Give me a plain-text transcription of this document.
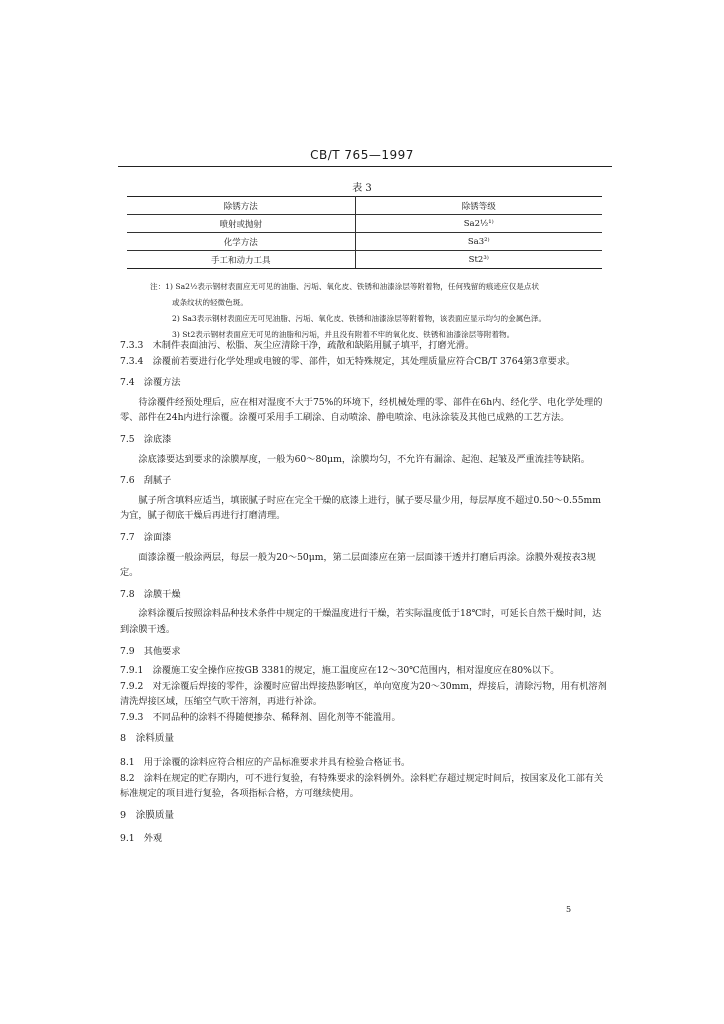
CB/T 765—1997
表 3
除锈方法	除锈等级
喷射或抛射	Sa2½¹⁾
化学方法	Sa3²⁾
手工和动力工具	St2³⁾

注：1) Sa2½表示钢材表面应无可见的油脂、污垢、氧化皮、铁锈和油漆涂层等附着物，任何残留的痕迹应仅是点状

或条纹状的轻微色斑。

2) Sa3表示钢材表面应无可见油脂、污垢、氧化皮、铁锈和油漆涂层等附着物，该表面应显示均匀的金属色泽。

3) St2表示钢材表面应无可见的油脂和污垢，并且没有附着不牢的氧化皮、铁锈和油漆涂层等附着物。

7.3.3　木制件表面油污、松脂、灰尘应清除干净，疏散和缺陷用腻子填平，打磨光滑。

7.3.4　涂覆前若要进行化学处理或电镀的零、部件，如无特殊规定，其处理质量应符合CB/T 3764第3章要求。

7.4　涂覆方法

待涂覆件经预处理后，应在相对湿度不大于75%的环境下，经机械处理的零、部件在6h内、经化学、电化学处理的零、部件在24h内进行涂覆。涂覆可采用手工刷涂、自动喷涂、静电喷涂、电泳涂装及其他已成熟的工艺方法。

7.5　涂底漆

涂底漆要达到要求的涂膜厚度，一般为60～80μm，涂膜均匀，不允许有漏涂、起泡、起皱及严重流挂等缺陷。

7.6　刮腻子

腻子所含填料应适当，填嵌腻子时应在完全干燥的底漆上进行，腻子要尽量少用，每层厚度不超过0.50～0.55mm为宜，腻子彻底干燥后再进行打磨清理。

7.7　涂面漆

面漆涂覆一般涂两层，每层一般为20～50μm，第二层面漆应在第一层面漆干透并打磨后再涂。涂膜外观按表3规定。

7.8　涂膜干燥

涂料涂覆后按照涂料品种技术条件中规定的干燥温度进行干燥，若实际温度低于18℃时，可延长自然干燥时间，达到涂膜干透。

7.9　其他要求

7.9.1　涂覆施工安全操作应按GB 3381的规定，施工温度应在12～30℃范围内，相对湿度应在80%以下。

7.9.2　对无涂覆后焊接的零件，涂覆时应留出焊接热影响区，单向宽度为20～30mm，焊接后，清除污物，用有机溶剂清洗焊接区域，压缩空气吹干溶剂，再进行补涂。

7.9.3　不同品种的涂料不得随便掺杂、稀释剂、固化剂等不能滥用。

8　涂料质量

8.1　用于涂覆的涂料应符合相应的产品标准要求并具有检验合格证书。

8.2　涂料在规定的贮存期内，可不进行复验，有特殊要求的涂料例外。涂料贮存超过规定时间后，按国家及化工部有关标准规定的项目进行复验，各项指标合格，方可继续使用。

9　涂膜质量

9.1　外观

5
